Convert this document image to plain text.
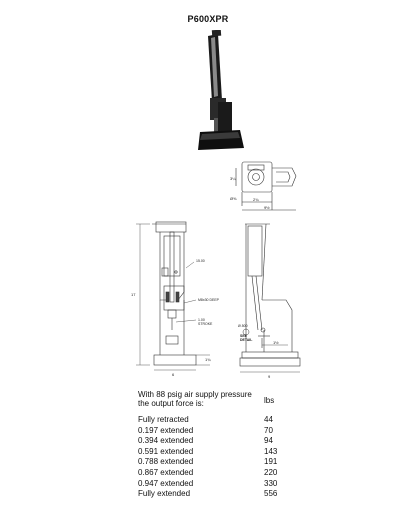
P600XPR
3¼
Ø⅝	2¾
9½
17
15.00
M8x30 DEEP
1.00
STROKE
1¾
6
Ø.500
SEE
DETAIL	1½
9
With 88 psig air supply pressure the output force is:	lbs
Fully retracted	44
0.197 extended	70
0.394 extended	94
0.591 extended	143
0.788 extended	191
0.867 extended	220
0.947 extended	330
Fully extended	556
